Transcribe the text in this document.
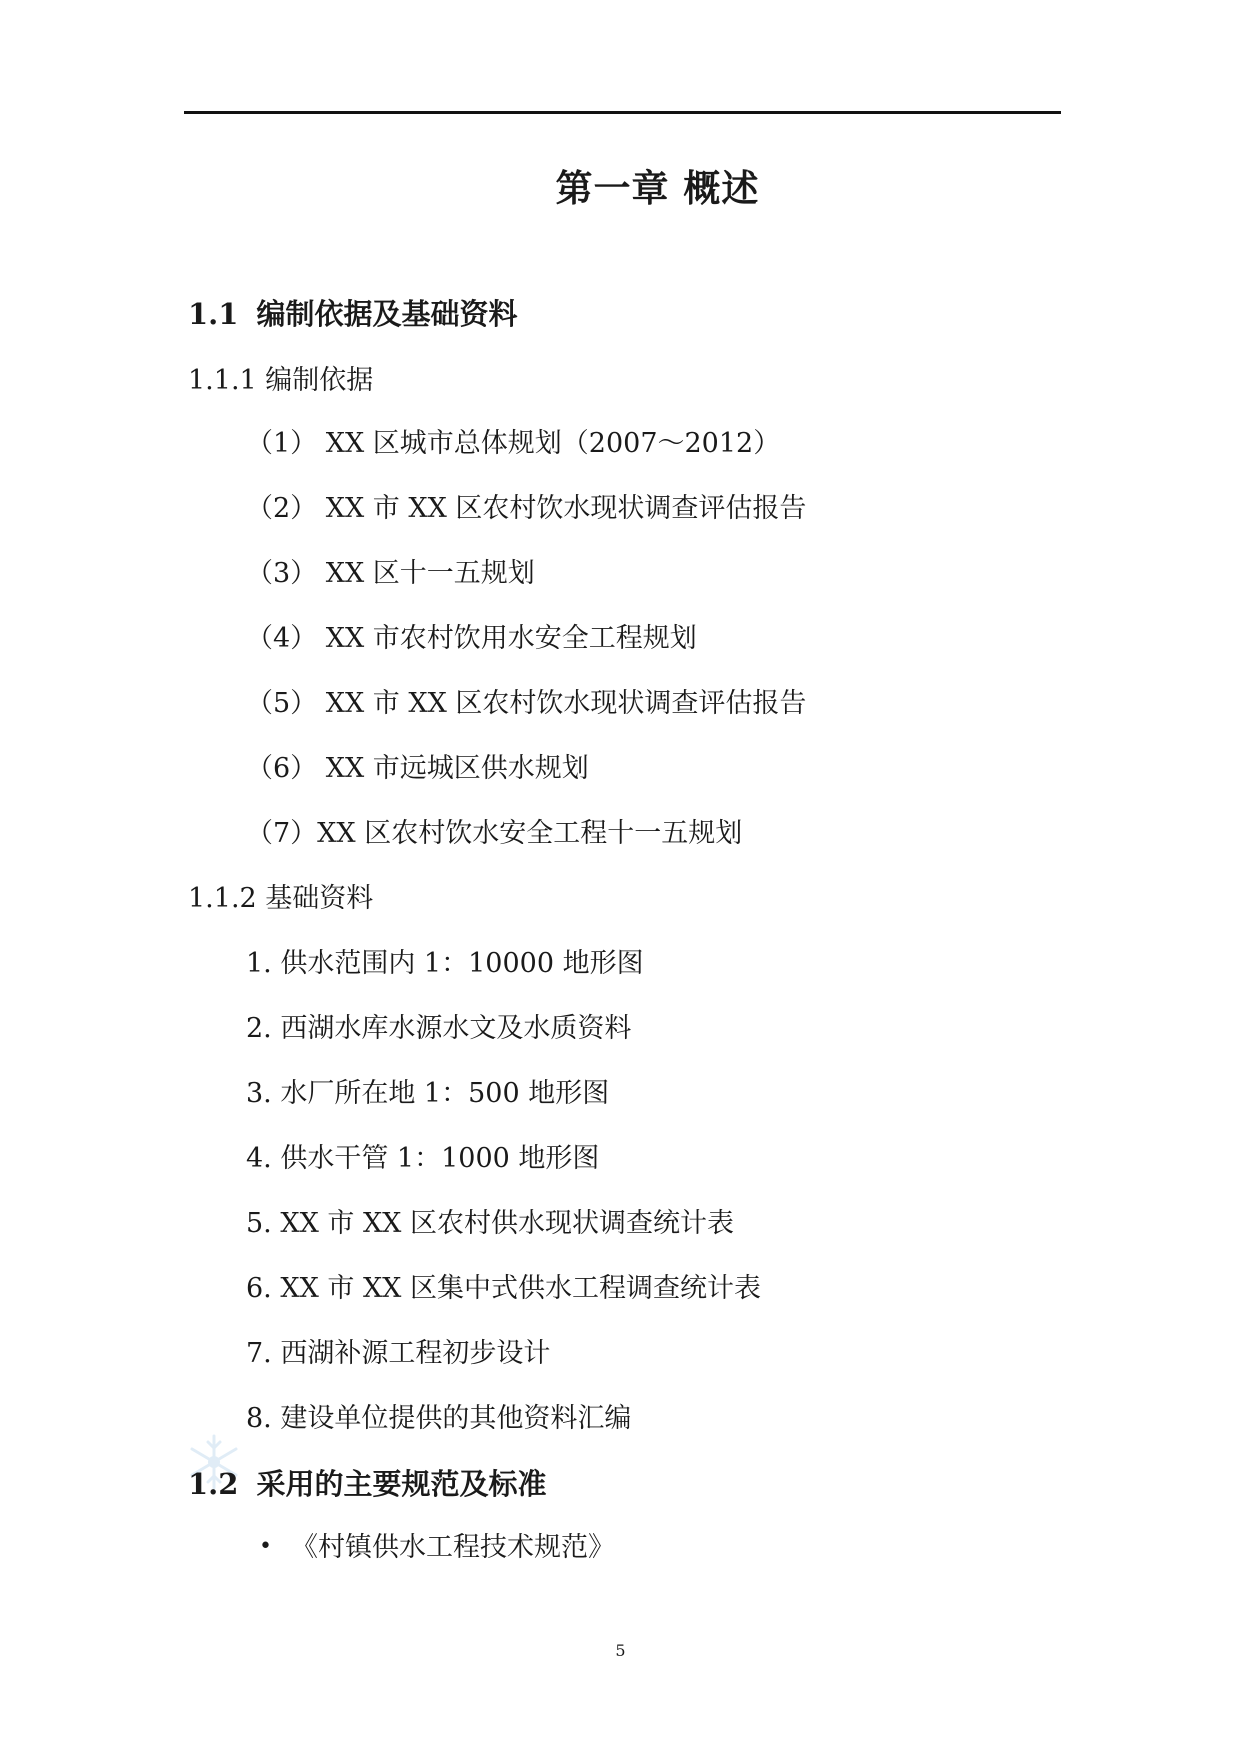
第一章 概述
1.1 编制依据及基础资料
1.1.1 编制依据

（1） XX 区城市总体规划（2007～2012）

（2） XX 市 XX 区农村饮水现状调查评估报告

（3） XX 区十一五规划

（4） XX 市农村饮用水安全工程规划

（5） XX 市 XX 区农村饮水现状调查评估报告

（6） XX 市远城区供水规划

（7）XX 区农村饮水安全工程十一五规划

1.1.2 基础资料

1. 供水范围内 1：10000 地形图

2. 西湖水库水源水文及水质资料

3. 水厂所在地 1：500 地形图

4. 供水干管 1：1000 地形图

5. XX 市 XX 区农村供水现状调查统计表

6. XX 市 XX 区集中式供水工程调查统计表

7. 西湖补源工程初步设计

8. 建设单位提供的其他资料汇编

1.2 采用的主要规范及标准

• 《村镇供水工程技术规范》

5
